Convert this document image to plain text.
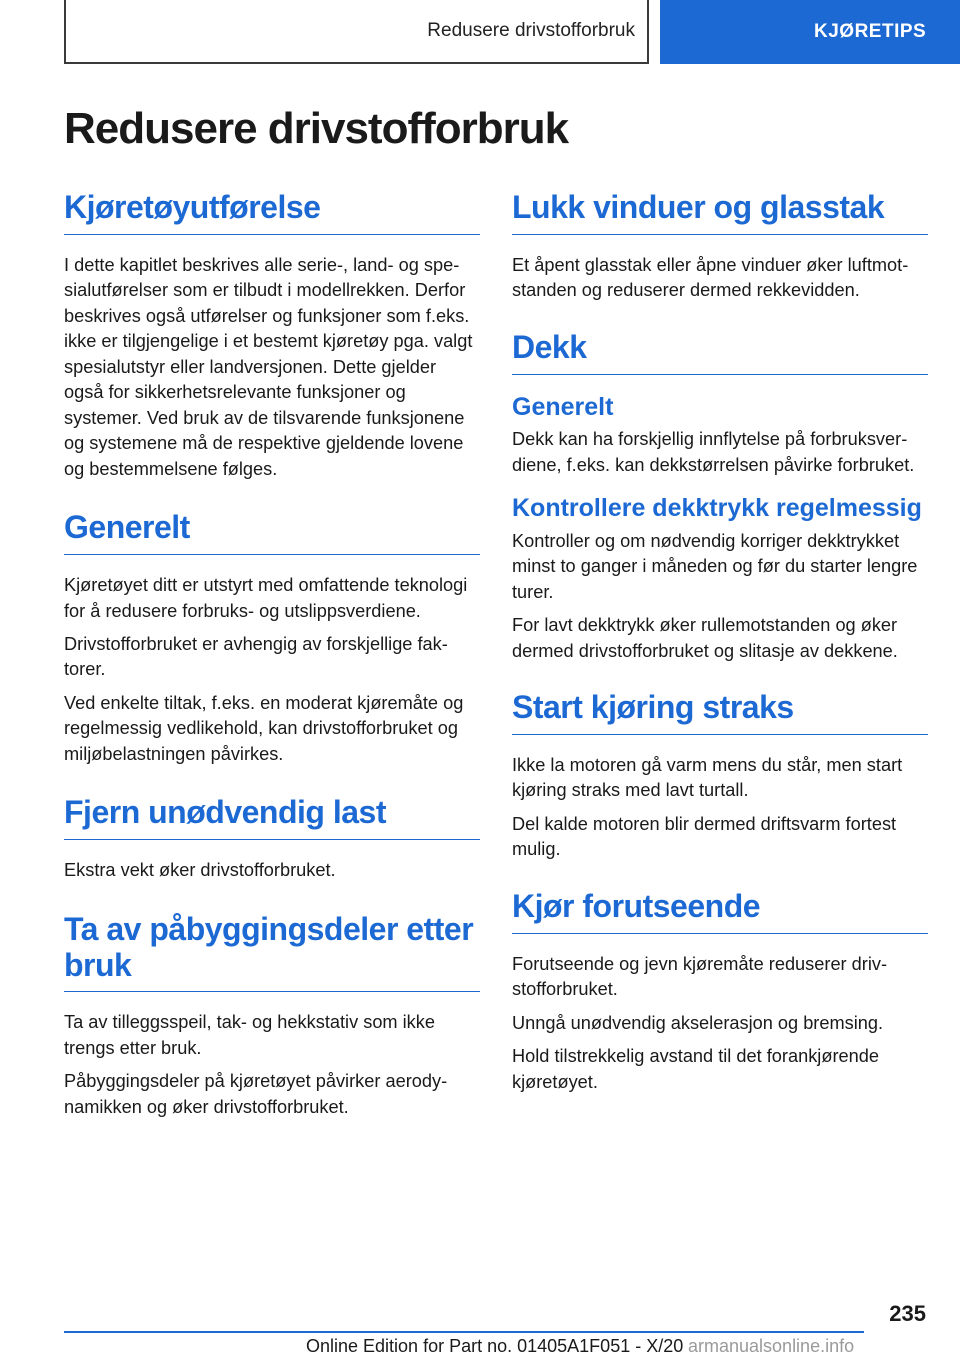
Redusere drivstofforbruk	KJØRETIPS
Redusere drivstofforbruk
Kjøretøyutførelse

I dette kapitlet beskrives alle serie-, land- og spesialutførelser som er tilbudt i modellrekken. Derfor beskrives også utførelser og funksjoner som f.eks. ikke er tilgjengelige i et bestemt kjøretøy pga. valgt spesialutstyr eller landversjonen. Dette gjelder også for sikkerhetsrelevante funksjoner og systemer. Ved bruk av de tilsvarende funksjonene og systemene må de respektive gjeldende lovene og bestemmelsene følges.

Generelt

Kjøretøyet ditt er utstyrt med omfattende teknologi for å redusere forbruks- og utslippsverdiene.

Drivstofforbruket er avhengig av forskjellige faktorer.

Ved enkelte tiltak, f.eks. en moderat kjøremåte og regelmessig vedlikehold, kan drivstofforbruket og miljøbelastningen påvirkes.

Fjern unødvendig last

Ekstra vekt øker drivstofforbruket.

Ta av påbyggingsdeler etter bruk

Ta av tilleggsspeil, tak- og hekkstativ som ikke trengs etter bruk.

Påbyggingsdeler på kjøretøyet påvirker aerodynamikken og øker drivstofforbruket.

Lukk vinduer og glasstak

Et åpent glasstak eller åpne vinduer øker luftmotstanden og reduserer dermed rekkevidden.

Dekk
Generelt

Dekk kan ha forskjellig innflytelse på forbruksverdiene, f.eks. kan dekkstørrelsen påvirke forbruket.

Kontrollere dekktrykk regelmessig

Kontroller og om nødvendig korriger dekktrykket minst to ganger i måneden og før du starter lengre turer.

For lavt dekktrykk øker rullemotstanden og øker dermed drivstofforbruket og slitasje av dekkene.

Start kjøring straks

Ikke la motoren gå varm mens du står, men start kjøring straks med lavt turtall.

Del kalde motoren blir dermed driftsvarm fortest mulig.

Kjør forutseende

Forutseende og jevn kjøremåte reduserer drivstofforbruket.

Unngå unødvendig akselerasjon og bremsing.

Hold tilstrekkelig avstand til det forankjørende kjøretøyet.

235
Online Edition for Part no. 01405A1F051 - X/20 armanualsonline.info
